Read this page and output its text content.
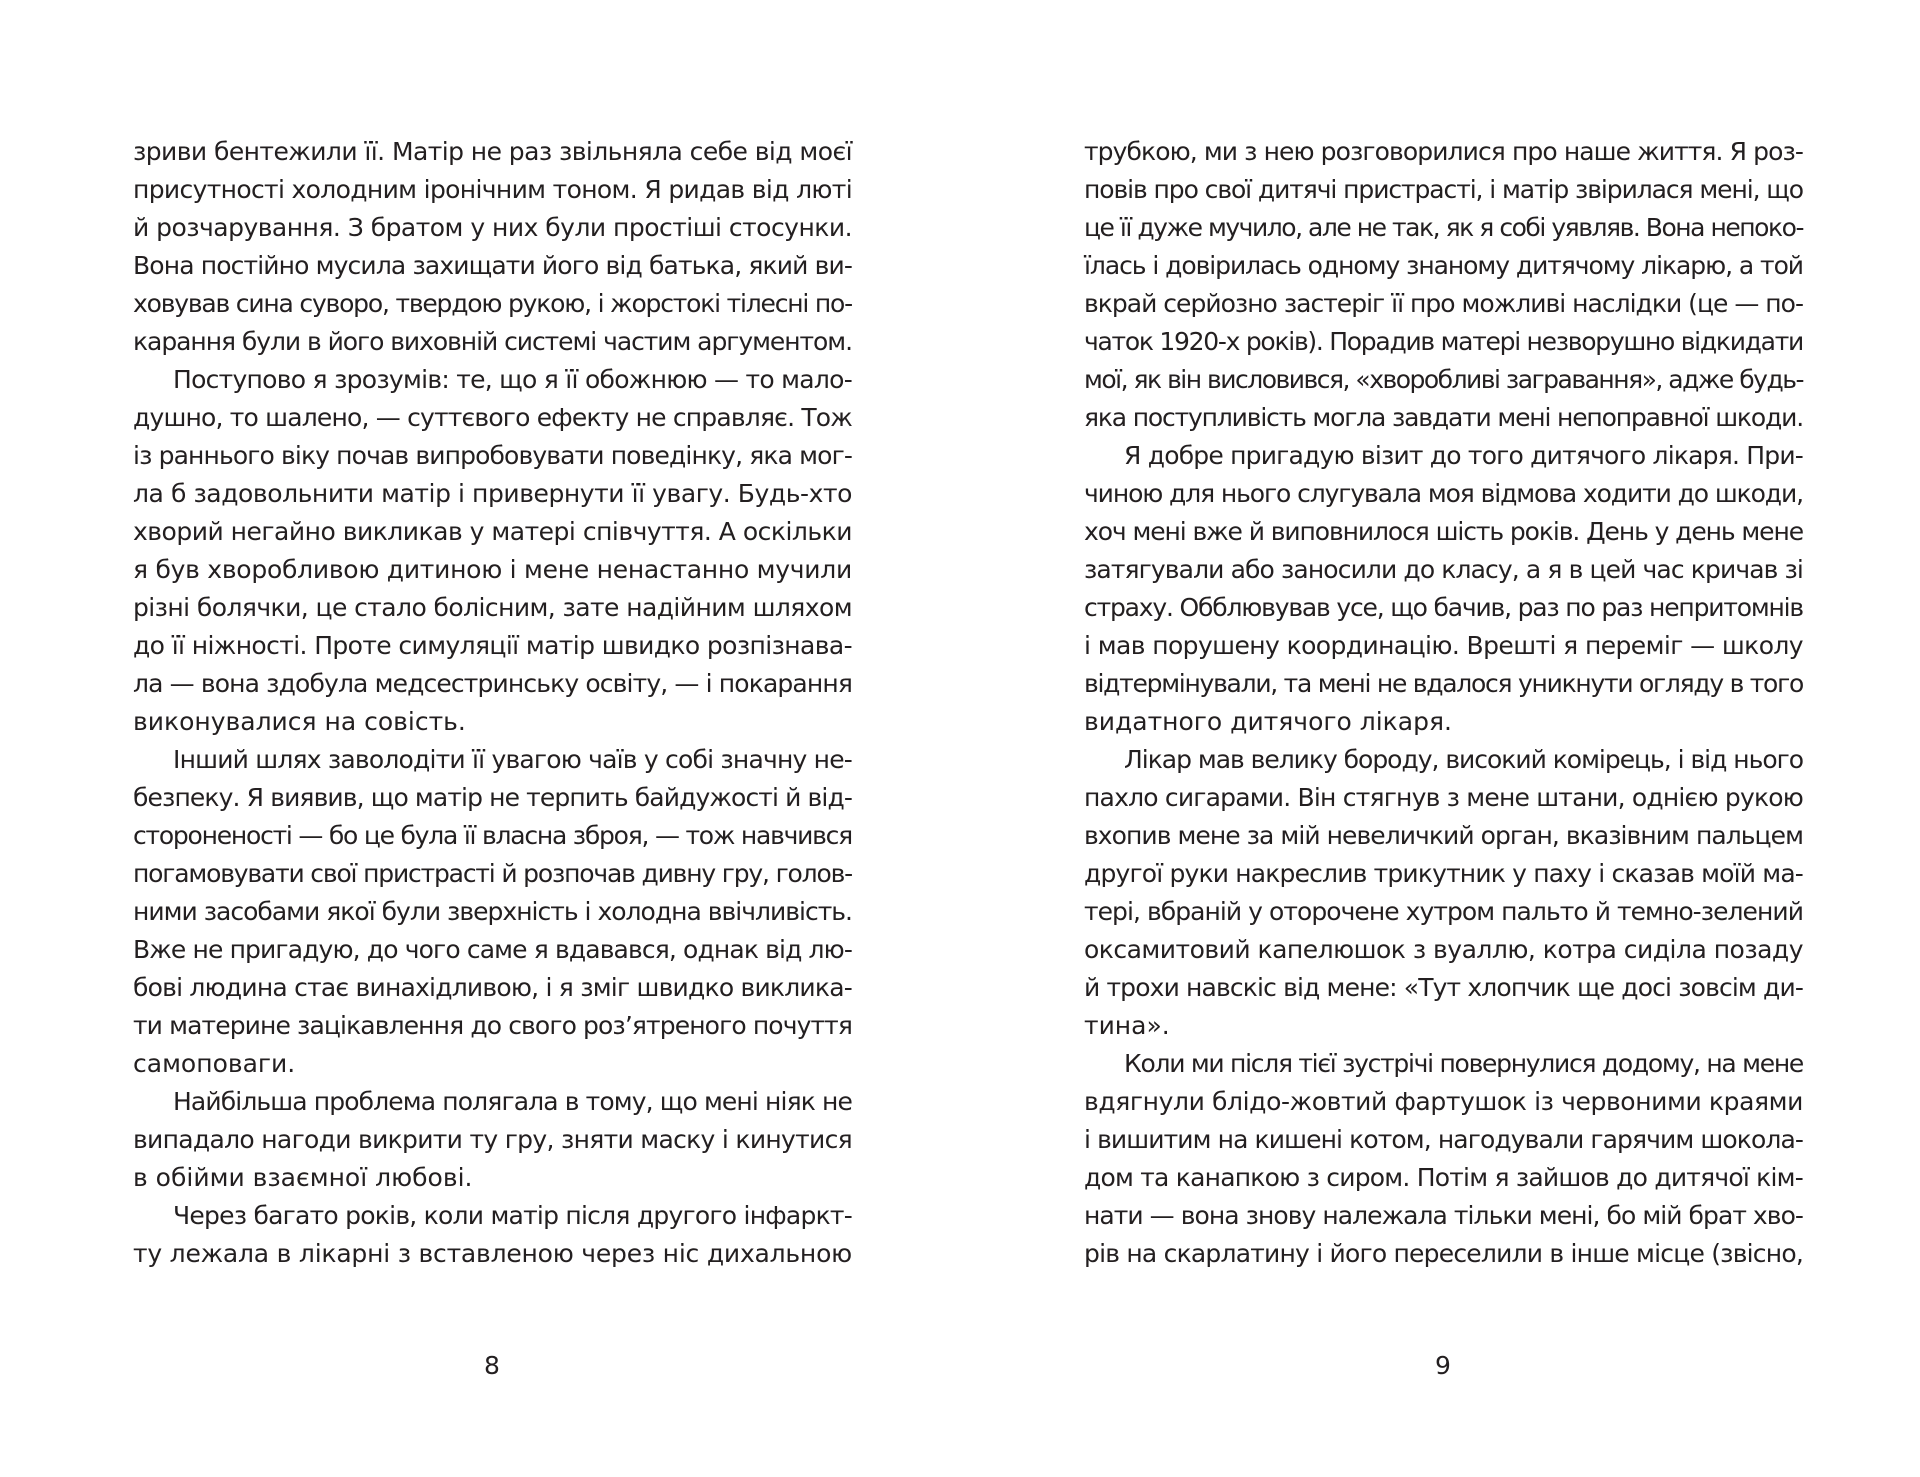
зриви бентежили її. Матір не раз звільняла себе від моєї
присутності холодним іронічним тоном. Я ридав від люті
й розчарування. З братом у них були простіші стосунки.
Вона постійно мусила захищати його від батька, який ви-
ховував сина суворо, твердою рукою, і жорстокі тілесні по-
карання були в його виховній системі частим аргументом.
Поступово я зрозумів: те, що я її обожнюю — то мало-
душно, то шалено, — суттєвого ефекту не справляє. Тож
із раннього віку почав випробовувати поведінку, яка мог-
ла б задовольнити матір і привернути її увагу. Будь-хто
хворий негайно викликав у матері співчуття. А оскільки
я був хворобливою дитиною і мене ненастанно мучили
різні болячки, це стало болісним, зате надійним шляхом
до її ніжності. Проте симуляції матір швидко розпізнава-
ла — вона здобула медсестринську освіту, — і покарання
виконувалися на совість.
Інший шлях заволодіти її увагою чаїв у собі значну не-
безпеку. Я виявив, що матір не терпить байдужості й від-
стороненості — бо це була її власна зброя, — тож навчився
погамовувати свої пристрасті й розпочав дивну гру, голов-
ними засобами якої були зверхність і холодна ввічливість.
Вже не пригадую, до чого саме я вдавався, однак від лю-
бові людина стає винахідливою, і я зміг швидко виклика-
ти материне зацікавлення до свого роз’ятреного почуття
самоповаги.
Найбільша проблема полягала в тому, що мені ніяк не
випадало нагоди викрити ту гру, зняти маску і кинутися
в обійми взаємної любові.
Через багато років, коли матір після другого інфаркт-
ту лежала в лікарні з вставленою через ніс дихальною
трубкою, ми з нею розговорилися про наше життя. Я роз-
повів про свої дитячі пристрасті, і матір звірилася мені, що
це її дуже мучило, але не так, як я собі уявляв. Вона непоко-
їлась і довірилась одному знаному дитячому лікарю, а той
вкрай серйозно застеріг її про можливі наслідки (це — по-
чаток 1920-х років). Порадив матері незворушно відкидати
мої, як він висловився, «хворобливі загравання», адже будь-
яка поступливість могла завдати мені непоправної шкоди.
Я добре пригадую візит до того дитячого лікаря. При-
чиною для нього слугувала моя відмова ходити до шкоди,
хоч мені вже й виповнилося шість років. День у день мене
затягували або заносили до класу, а я в цей час кричав зі
страху. Обблювував усе, що бачив, раз по раз непритомнів
і мав порушену координацію. Врешті я переміг — школу
відтермінували, та мені не вдалося уникнути огляду в того
видатного дитячого лікаря.
Лікар мав велику бороду, високий комірець, і від нього
пахло сигарами. Він стягнув з мене штани, однією рукою
вхопив мене за мій невеличкий орган, вказівним пальцем
другої руки накреслив трикутник у паху і сказав моїй ма-
тері, вбраній у оторочене хутром пальто й темно-зелений
оксамитовий капелюшок з вуаллю, котра сиділа позаду
й трохи навскіс від мене: «Тут хлопчик ще досі зовсім ди-
тина».
Коли ми після тієї зустрічі повернулися додому, на мене
вдягнули блідо-жовтий фартушок із червоними краями
і вишитим на кишені котом, нагодували гарячим шоколa-
дом та канапкою з сиром. Потім я зайшов до дитячої кім-
нати — вона знову належала тільки мені, бо мій брат хво-
рів на скарлатину і його переселили в інше місце (звісно,
8	9
